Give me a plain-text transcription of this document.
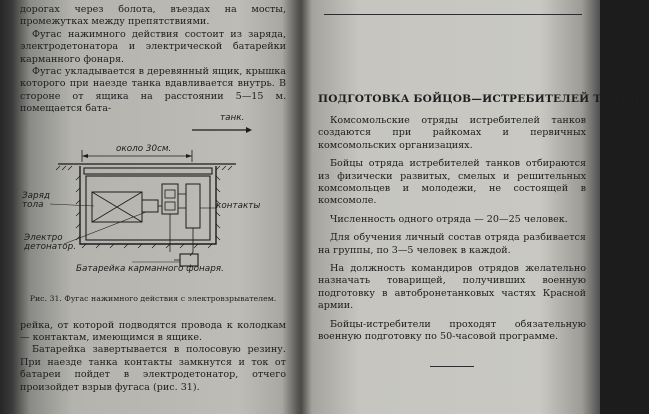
дорогах через болота, въездах на мосты, промежутках между препятствиями.

Фугас нажимного действия состоит из заряда, электродетонатора и электрической батарейки карманного фонаря.

Фугас укладывается в деревянный ящик, крышка которого при наезде танка вдавливается внутрь. В стороне от ящика на расстоянии 5—15 м. помещается бата-

танк.
около 30см.
Заряд
тола	контакты
Электро
детонатор.
Батарейка карманного фонаря.
Рис. 31. Фугас нажимного действия с электровзрывателем.

рейка, от которой подводятся провода к колодкам — контактам, имеющимся в ящике.

Батарейка завертывается в полосовую резину. При наезде танка контакты замкнутся и ток от батареи пойдет в электродетонатор, отчего произойдет взрыв фугаса (рис. 31).

ПОДГОТОВКА БОЙЦОВ—ИСТРЕБИТЕЛЕЙ ТАНКОВ

Комсомольские отряды истребителей танков создаются при райкомах и первичных комсомольских организациях.

Бойцы отряда истребителей танков отбираются из физически развитых, смелых и решительных комсомольцев и молодежи, не состоящей в комсомоле.

Численность одного отряда — 20—25 человек.

Для обучения личный состав отряда разбивается на группы, по 3—5 человек в каждой.

На должность командиров отрядов желательно назначать товарищей, получивших военную подготовку в автобронетанковых частях Красной армии.

Бойцы-истребители проходят обязательную военную подготовку по 50-часовой программе.
